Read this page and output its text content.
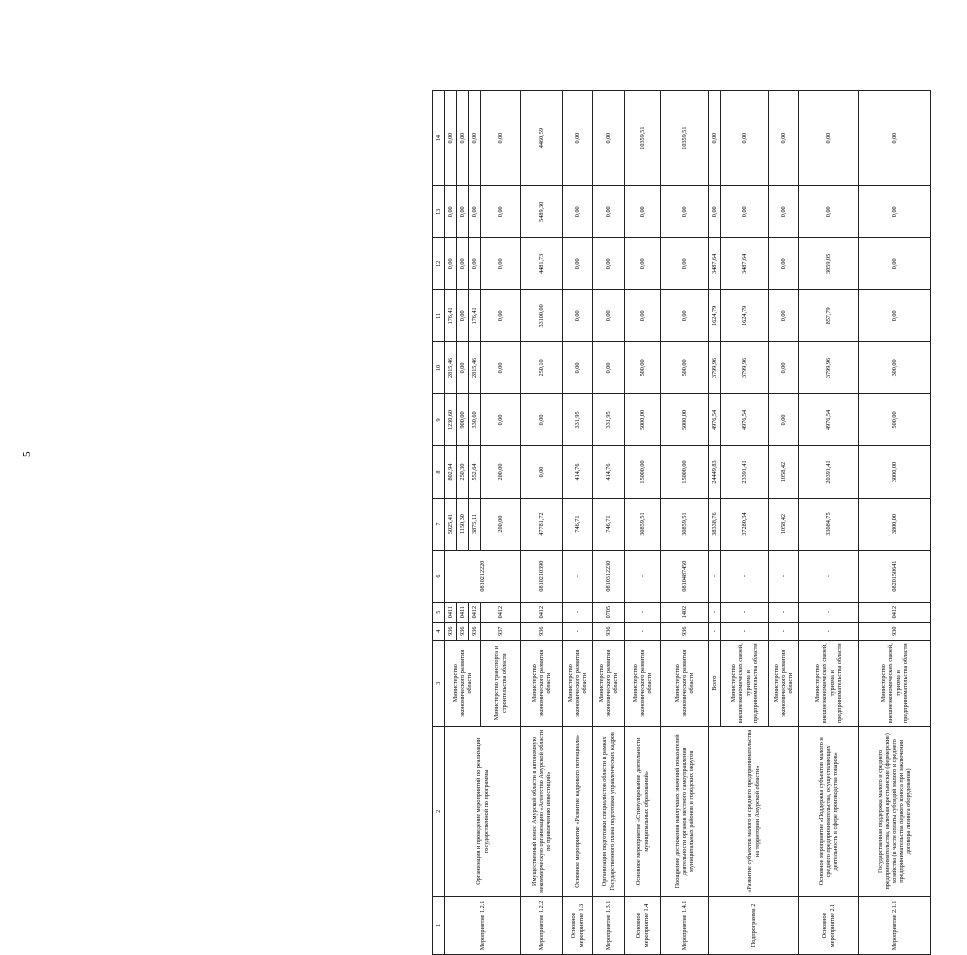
5
1	2	3	4	5	6	7	8	9	10	11	12	13	14
Мероприятие 1.2.1	Организация и проведение мероприятий по реализации государственной по программы	Министерство экономического развития области	936	0411	0810212220	5025,41	802,94	1230,60	2815,46	176,41	0,00	0,00	0,00
			936	0411		1150,30	250,30	900,00	0,00	0,00	0,00	0,00	0,00
			936	0412		3875,11	552,64	330,60	2815,46	176,41	0,00	0,00	0,00
		Министерство транспорта и строительства области	937	0412		200,00	200,00	0,00	0,00	0,00	0,00	0,00	0,00
Мероприятие 1.2.2	Имущественный взнос Амурской области в автономную некоммерческую организацию «Агентство Амурской области по привлечению инвестиций»	Министерство экономического развития области	936	0412	0810210390	47781,72	0,00	0,00	250,10	33100,00	4481,73	5489,30	4460,59
Основное мероприятие 1.3	Основное мероприятие «Развитие кадрового потенциала»	Министерство экономического развития области	-	-	-	746,71	414,76	331,95	0,00	0,00	0,00	0,00	0,00
Мероприятие 1.3.1	Организация подготовки специалистов области в рамках Государственного плана подготовки управленческих кадров	Министерство экономического развития области	936	0705	0810312230	746,71	414,76	331,95	0,00	0,00	0,00	0,00	0,00
Основное мероприятие 1.4	Основное мероприятие «Стимулирование деятельности муниципальных образований»	Министерство экономического развития области	-	-	-	30859,51	15000,00	5000,00	500,00	0,00	0,00	0,00	10359,51
Мероприятие 1.4.1	Поощрение достижения наилучших значений показателей деятельности органов местного самоуправления муниципальных районов и городских округов	Министерство экономического развития области	936	1402	0810487450	30859,51	15000,00	5000,00	500,00	0,00	0,00	0,00	10359,51
Подпрограмма 2	«Развитие субъектов малого и среднего предпринимательства на территории Амурской области»	Всего	-	-	-	38338,76	24449,83	4976,54	3799,96	1624,79	3487,64	0,00	0,00
		Министерство внешнеэкономических связей, туризма и предпринимательства области	-	-	-	37280,34	23391,41	4976,54	3799,96	1624,79	3487,64	0,00	0,00
		Министерство экономического развития области	-	-	-	1058,42	1058,42	0,00	0,00	0,00	0,00	0,00	0,00
Основное мероприятие 2.1	Основное мероприятие «Поддержка субъектов малого и среднего предпринимательства, осуществляющих деятельность в сфере производства товаров»	Министерство внешнеэкономических связей, туризма и предпринимательства области	-	-	-	33084,75	20391,41	4976,54	3799,96	857,79	3059,05	0,00	0,00
Мероприятие 2.1.1	Государственная поддержка малого и среднего предпринимательства, включая крестьянские (фермерские) хозяйства (в части оплаты субсидий малого и среднего предпринимательства первого взноса при заключении договора лизинга оборудования)	Министерство внешнеэкономических связей, туризма и предпринимательства области	930	0412	0820150641	3800,00	3000,00	500,00	300,00	0,00	0,00	0,00	0,00
